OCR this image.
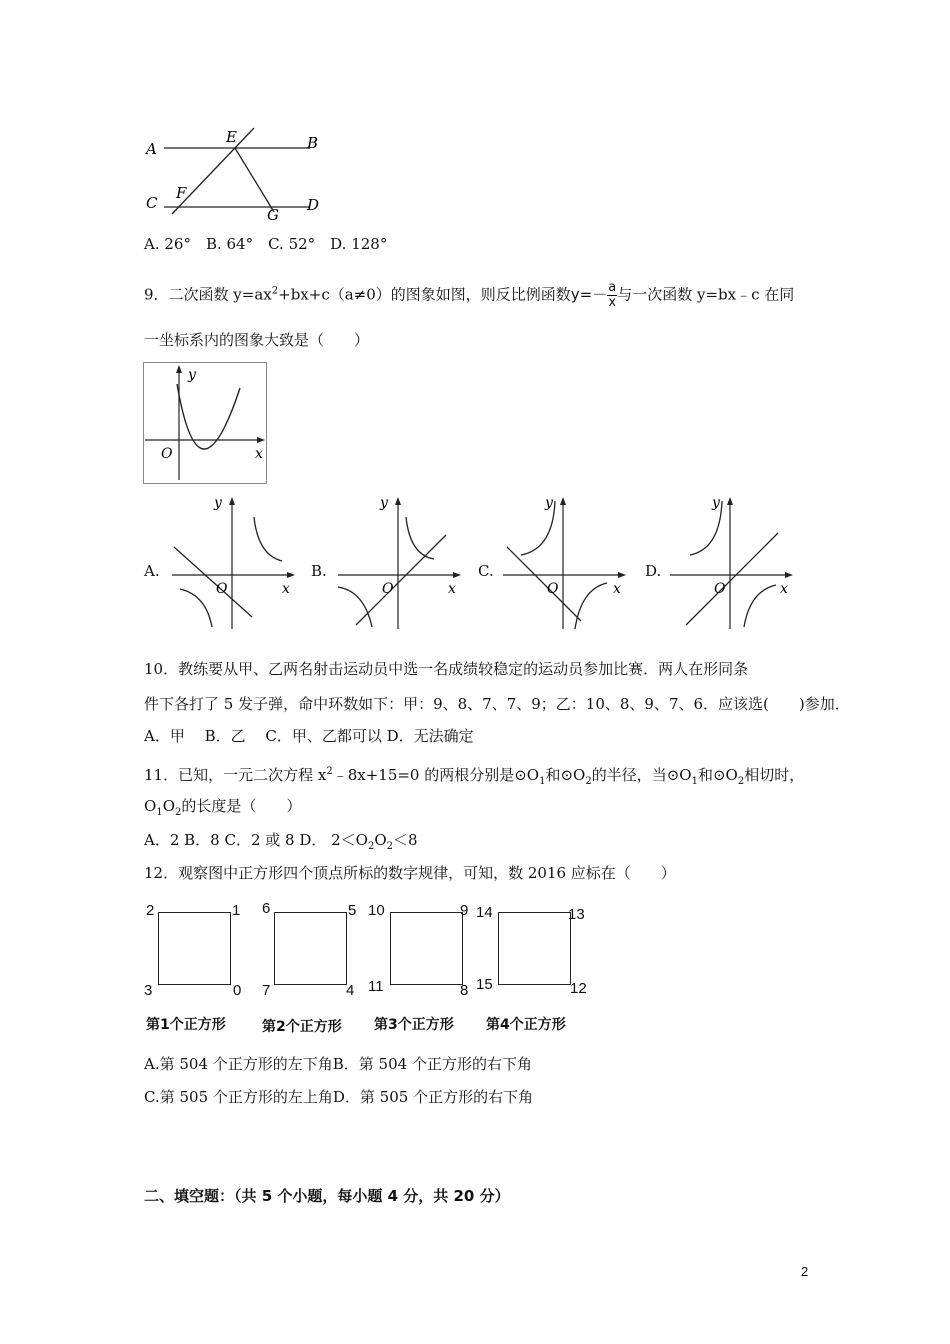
A	B
C	D
E
F
G
A. 26°　B. 64°　C. 52°　D. 128°
9．二次函数 $y=ax^2+bx+c(a\ne 0)$的图象如图，则反比例函数$y=- \frac{a}{x}$ 与一次函数 y=bx﹣c 在同
一坐标系内的图象大致是（　　）
y
x
O
A.
y
x
O
B.
y
x
O
C.
y
x
O
D.
y
x
O
10．教练要从甲、乙两名射击运动员中选一名成绩较稳定的运动员参加比赛．两人在形同条
件下各打了 5 发子弹，命中环数如下：甲：9、8、7、7、9；乙：10、8、9、7、6．应该选(　　)参加．
A．甲　 B．乙　 C．甲、乙都可以 D．无法确定
11．已知，一元二次方程 $x^2﹣8x+15=0$ 的两根分别是$⊙O_1$和$⊙O_2$的半径，当$⊙O_1$和$⊙O_2$相切时，
$O_1O_2$的长度是（　　）
A．2 B．8 C．2 或 8 D． $2<O_2O_2<8$
12．观察图中正方形四个顶点所标的数字规律，可知，数 2016 应标在（　　）
2	1
3	0
第1个正方形
6	5
7	4
第2个正方形
10	9
11	8
第3个正方形
14	13
15	12
第4个正方形
A.第 504 个正方形的左下角B．第 504 个正方形的右下角
C.第 505 个正方形的左上角D．第 505 个正方形的右下角
二、填空题：（共 5 个小题，每小题 4 分，共 20 分）
2
